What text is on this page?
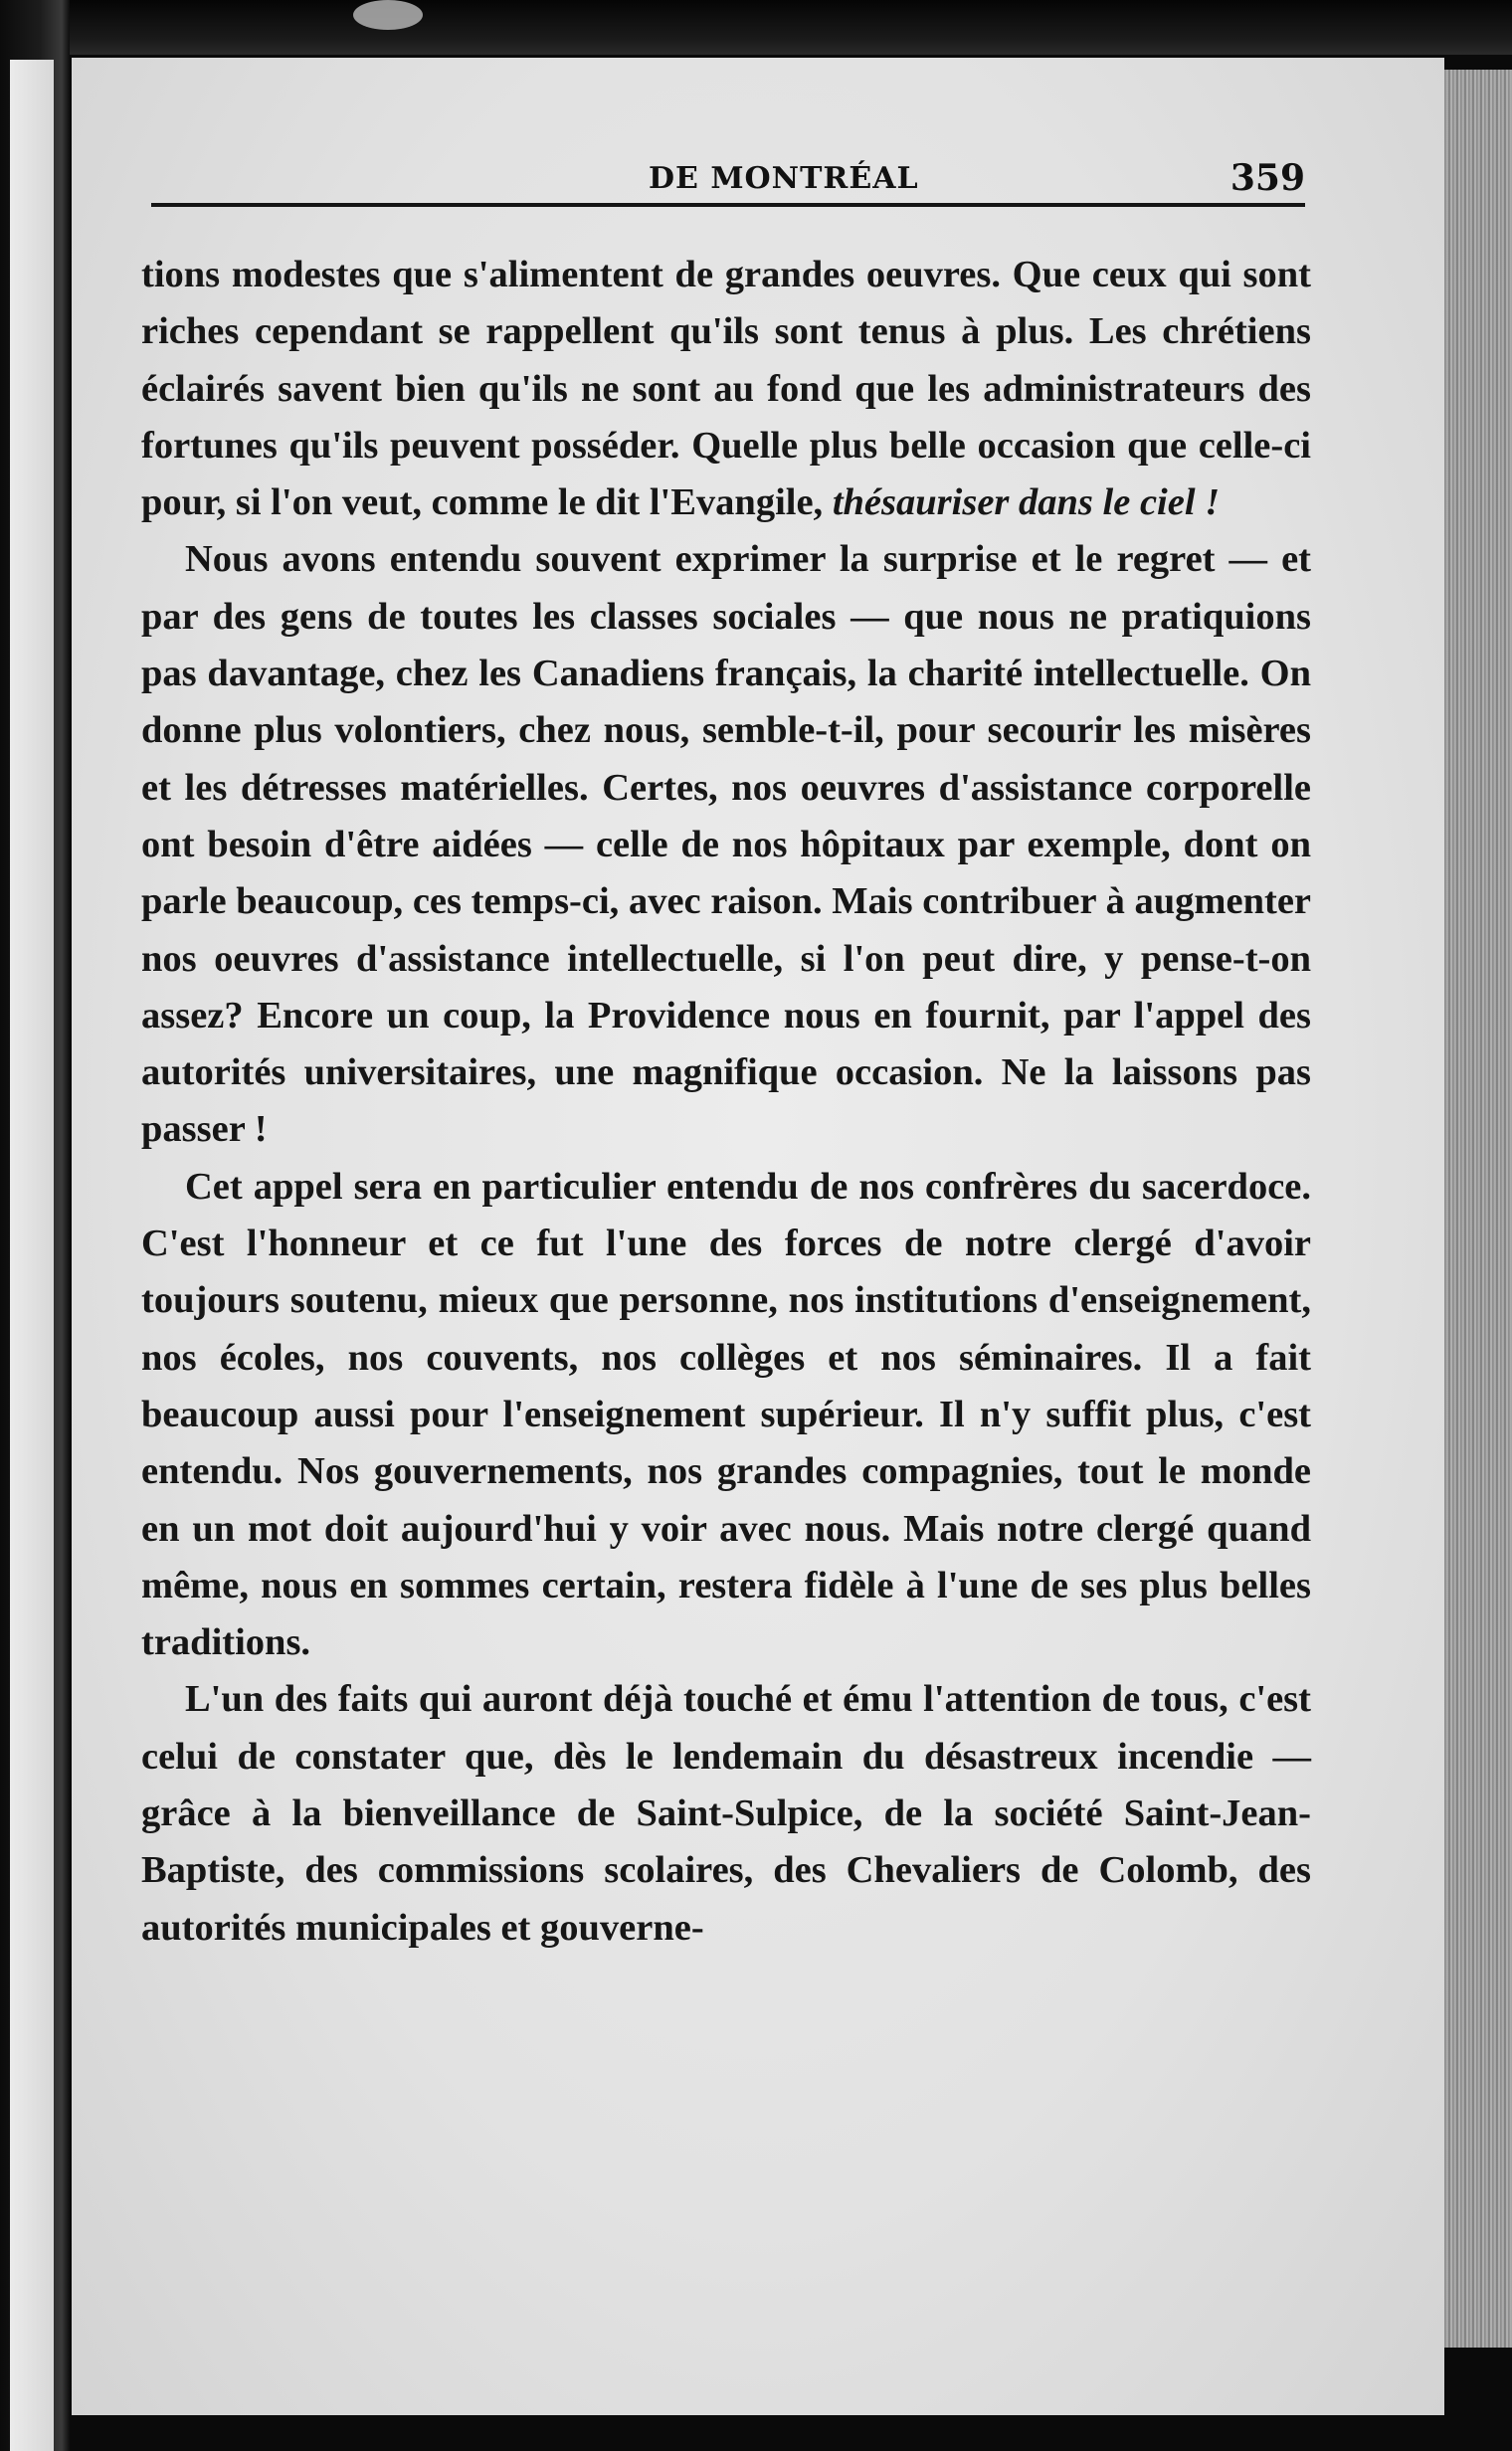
DE MONTRÉAL	359

tions modestes que s'alimentent de grandes oeuvres. Que ceux qui sont riches cependant se rappellent qu'ils sont tenus à plus. Les chrétiens éclairés savent bien qu'ils ne sont au fond que les administrateurs des fortunes qu'ils peuvent posséder. Quelle plus belle occasion que celle-ci pour, si l'on veut, comme le dit l'Evangile, thésauriser dans le ciel !

Nous avons entendu souvent exprimer la surprise et le regret — et par des gens de toutes les classes sociales — que nous ne pratiquions pas davantage, chez les Canadiens français, la charité intellectuelle. On donne plus volontiers, chez nous, semble-t-il, pour secourir les misères et les détresses matérielles. Certes, nos oeuvres d'assistance corporelle ont besoin d'être aidées — celle de nos hôpitaux par exemple, dont on parle beaucoup, ces temps-ci, avec raison. Mais contribuer à augmenter nos oeuvres d'assistance intellectuelle, si l'on peut dire, y pense-t-on assez? Encore un coup, la Providence nous en fournit, par l'appel des autorités universitaires, une magnifique occasion. Ne la laissons pas passer !

Cet appel sera en particulier entendu de nos confrères du sacerdoce. C'est l'honneur et ce fut l'une des forces de notre clergé d'avoir toujours soutenu, mieux que personne, nos institutions d'enseignement, nos écoles, nos couvents, nos collèges et nos séminaires. Il a fait beaucoup aussi pour l'enseignement supérieur. Il n'y suffit plus, c'est entendu. Nos gouvernements, nos grandes compagnies, tout le monde en un mot doit aujourd'hui y voir avec nous. Mais notre clergé quand même, nous en sommes certain, restera fidèle à l'une de ses plus belles traditions.

L'un des faits qui auront déjà touché et ému l'attention de tous, c'est celui de constater que, dès le lendemain du désastreux incendie — grâce à la bienveillance de Saint-Sulpice, de la société Saint-Jean-Baptiste, des commissions scolaires, des Chevaliers de Colomb, des autorités municipales et gouverne-
